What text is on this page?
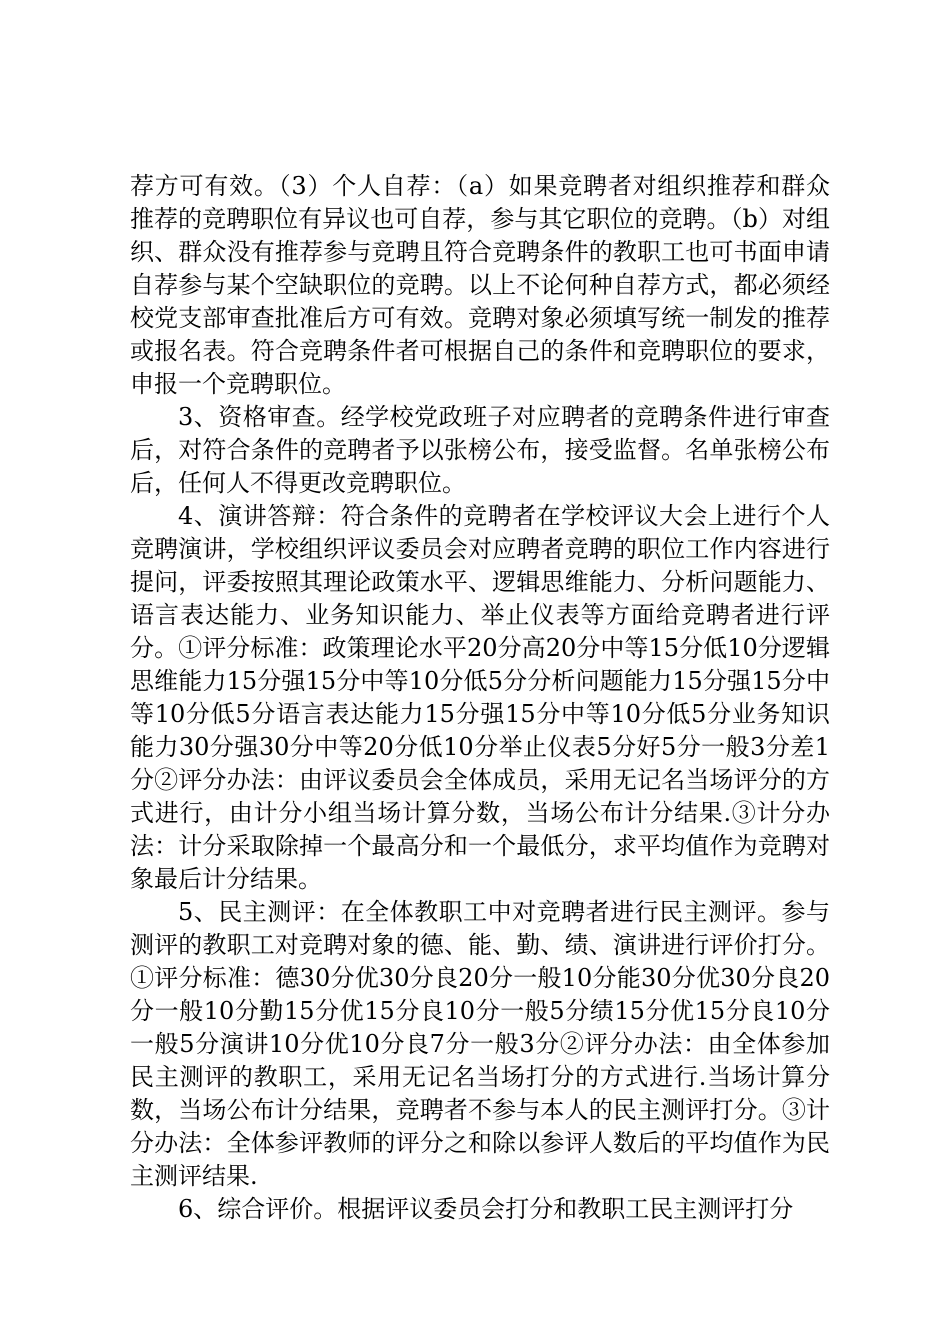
荐方可有效。（3）个人自荐：（a）如果竞聘者对组织推荐和群众推荐的竞聘职位有异议也可自荐，参与其它职位的竞聘。（b）对组织、群众没有推荐参与竞聘且符合竞聘条件的教职工也可书面申请自荐参与某个空缺职位的竞聘。以上不论何种自荐方式，都必须经校党支部审查批准后方可有效。竞聘对象必须填写统一制发的推荐或报名表。符合竞聘条件者可根据自己的条件和竞聘职位的要求，申报一个竞聘职位。

3、资格审查。经学校党政班子对应聘者的竞聘条件进行审查后，对符合条件的竞聘者予以张榜公布，接受监督。名单张榜公布后，任何人不得更改竞聘职位。

4、演讲答辩：符合条件的竞聘者在学校评议大会上进行个人竞聘演讲，学校组织评议委员会对应聘者竞聘的职位工作内容进行提问，评委按照其理论政策水平、逻辑思维能力、分析问题能力、语言表达能力、业务知识能力、举止仪表等方面给竞聘者进行评分。①评分标准：政策理论水平20分高20分中等15分低10分逻辑思维能力15分强15分中等10分低5分分析问题能力15分强15分中等10分低5分语言表达能力15分强15分中等10分低5分业务知识能力30分强30分中等20分低10分举止仪表5分好5分一般3分差1分②评分办法：由评议委员会全体成员，采用无记名当场评分的方式进行，由计分小组当场计算分数，当场公布计分结果.③计分办法：计分采取除掉一个最高分和一个最低分，求平均值作为竞聘对象最后计分结果。

5、民主测评：在全体教职工中对竞聘者进行民主测评。参与测评的教职工对竞聘对象的德、能、勤、绩、演讲进行评价打分。①评分标准：德30分优30分良20分一般10分能30分优30分良20分一般10分勤15分优15分良10分一般5分绩15分优15分良10分一般5分演讲10分优10分良7分一般3分②评分办法：由全体参加民主测评的教职工，采用无记名当场打分的方式进行.当场计算分数，当场公布计分结果，竞聘者不参与本人的民主测评打分。③计分办法：全体参评教师的评分之和除以参评人数后的平均值作为民主测评结果.

6、综合评价。根据评议委员会打分和教职工民主测评打分
